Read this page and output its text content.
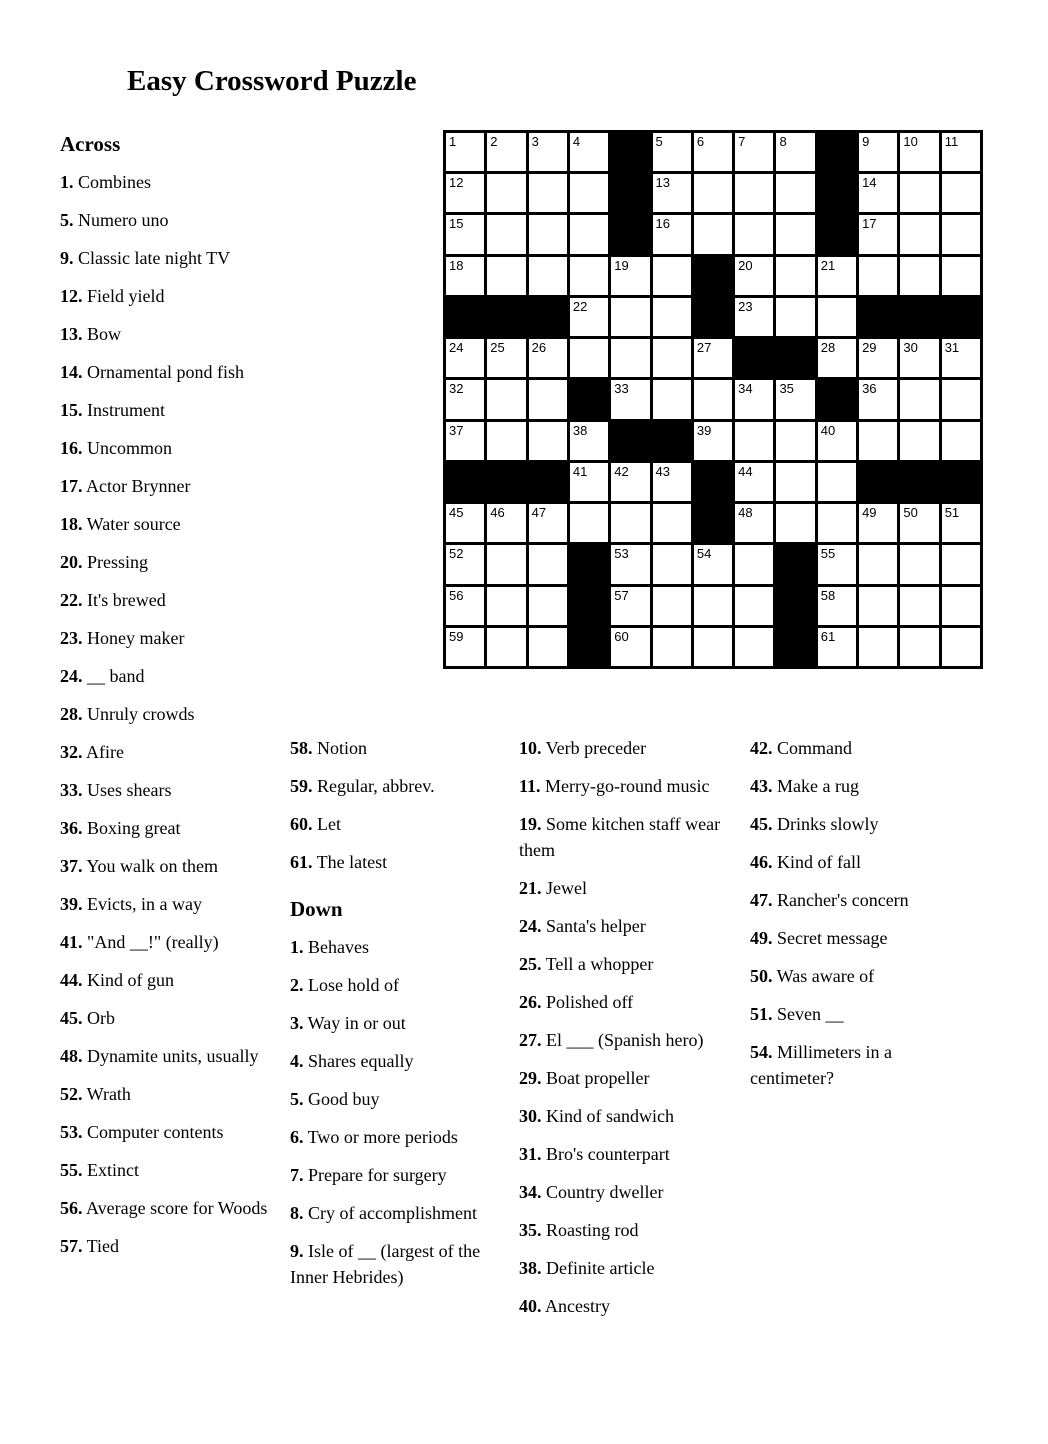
Easy Crossword Puzzle
1	2	3	4	5	6	7	8	9	10 11
12	13	14
15	16	17
18	19	20	21
22	23
24 25 26	27	28 29 30 31
32	33	34 35	36
37	38	39	40
41 42 43	44
45 46 47	48	49 50 51
52	53	54	55
56	57	58
59	60	61

Across

1. Combines

5. Numero uno

9. Classic late night TV

12. Field yield

13. Bow

14. Ornamental pond fish

15. Instrument

16. Uncommon

17. Actor Brynner

18. Water source

20. Pressing

22. It's brewed

23. Honey maker

24. __ band

28. Unruly crowds

32. Afire

33. Uses shears

36. Boxing great

37. You walk on them

39. Evicts, in a way

41. "And __!" (really)

44. Kind of gun

45. Orb

48. Dynamite units, usually

52. Wrath

53. Computer contents

55. Extinct

56. Average score for Woods

57. Tied

58. Notion

59. Regular, abbrev.

60. Let

61. The latest

Down

1. Behaves

2. Lose hold of

3. Way in or out

4. Shares equally

5. Good buy

6. Two or more periods

7. Prepare for surgery

8. Cry of accomplishment

9. Isle of __ (largest of the Inner Hebrides)

10. Verb preceder

11. Merry-go-round music

19. Some kitchen staff wear them

21. Jewel

24. Santa's helper

25. Tell a whopper

26. Polished off

27. El ___ (Spanish hero)

29. Boat propeller

30. Kind of sandwich

31. Bro's counterpart

34. Country dweller

35. Roasting rod

38. Definite article

40. Ancestry

42. Command

43. Make a rug

45. Drinks slowly

46. Kind of fall

47. Rancher's concern

49. Secret message

50. Was aware of

51. Seven __

54. Millimeters in a centimeter?
